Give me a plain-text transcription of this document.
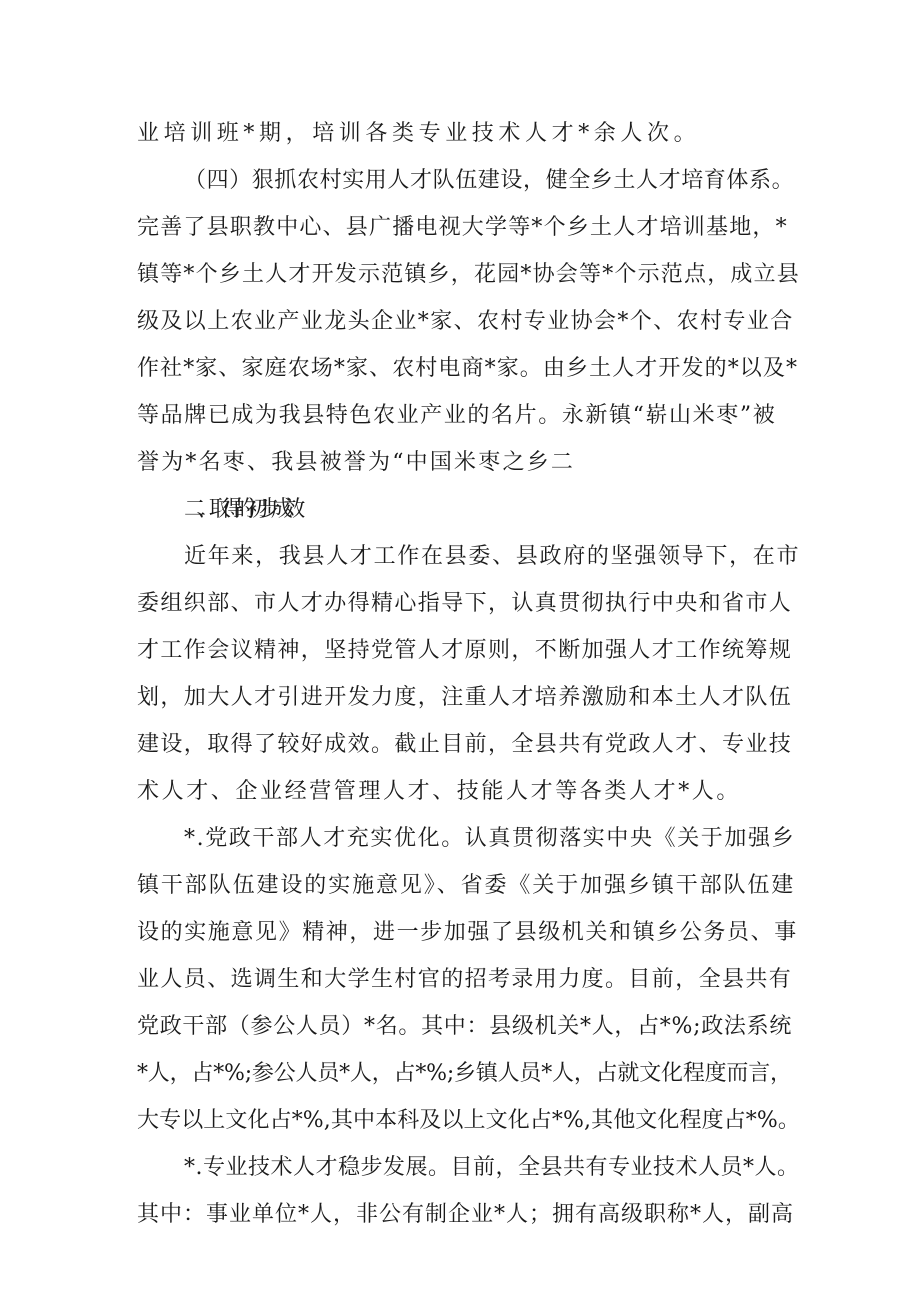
业培训班*期，培训各类专业技术人才*余人次。
（四）狠抓农村实用人才队伍建设，健全乡土人才培育体系。
完善了县职教中心、县广播电视大学等*个乡土人才培训基地，*
镇等*个乡土人才开发示范镇乡，花园*协会等*个示范点，成立县
级及以上农业产业龙头企业*家、农村专业协会*个、农村专业合
作社*家、家庭农场*家、农村电商*家。由乡土人才开发的*以及*
等品牌已成为我县特色农业产业的名片。永新镇“崭山米枣”被
誉为*名枣、我县被誉为“中国米枣之乡二
二、取得的初步成效
近年来，我县人才工作在县委、县政府的坚强领导下，在市
委组织部、市人才办得精心指导下，认真贯彻执行中央和省市人
才工作会议精神，坚持党管人才原则，不断加强人才工作统筹规
划，加大人才引进开发力度，注重人才培养激励和本土人才队伍
建设，取得了较好成效。截止目前，全县共有党政人才、专业技
术人才、企业经营管理人才、技能人才等各类人才*人。
*.党政干部人才充实优化。认真贯彻落实中央《关于加强乡
镇干部队伍建设的实施意见》、省委《关于加强乡镇干部队伍建
设的实施意见》精神，进一步加强了县级机关和镇乡公务员、事
业人员、选调生和大学生村官的招考录用力度。目前，全县共有
党政干部（参公人员）*名。其中：县级机关*人，占*%;政法系统
*人，占*%;参公人员*人，占*%;乡镇人员*人，占就文化程度而言，
大专以上文化占*%,其中本科及以上文化占*%,其他文化程度占*%。
*.专业技术人才稳步发展。目前，全县共有专业技术人员*人。
其中：事业单位*人，非公有制企业*人；拥有高级职称*人，副高
